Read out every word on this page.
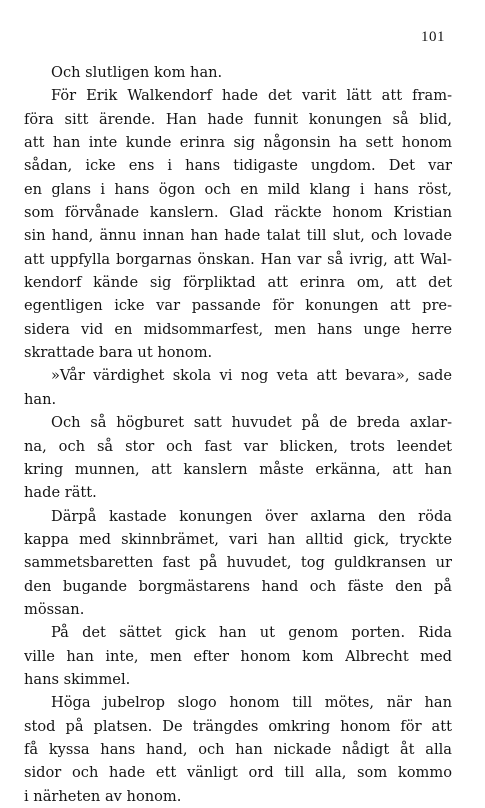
101
Och slutligen kom han.
För Erik Walkendorf hade det varit lätt att fram-
föra sitt ärende. Han hade funnit konungen så blid,
att han inte kunde erinra sig någonsin ha sett honom
sådan, icke ens i hans tidigaste ungdom. Det var
en glans i hans ögon och en mild klang i hans röst,
som förvånade kanslern. Glad räckte honom Kristian
sin hand, ännu innan han hade talat till slut, och lovade
att uppfylla borgarnas önskan. Han var så ivrig, att Wal-
kendorf kände sig förpliktad att erinra om, att det
egentligen icke var passande för konungen att pre-
sidera vid en midsommarfest, men hans unge herre
skrattade bara ut honom.
»Vår värdighet skola vi nog veta att bevara», sade
han.
Och så högburet satt huvudet på de breda axlar-
na, och så stor och fast var blicken, trots leendet
kring munnen, att kanslern måste erkänna, att han
hade rätt.
Därpå kastade konungen över axlarna den röda
kappa med skinnbrämet, vari han alltid gick, tryckte
sammetsbaretten fast på huvudet, tog guldkransen ur
den bugande borgmästarens hand och fäste den på
mössan.
På det sättet gick han ut genom porten. Rida
ville han inte, men efter honom kom Albrecht med
hans skimmel.
Höga jubelrop slogo honom till mötes, när han
stod på platsen. De trängdes omkring honom för att
få kyssa hans hand, och han nickade nådigt åt alla
sidor och hade ett vänligt ord till alla, som kommo
i närheten av honom.
